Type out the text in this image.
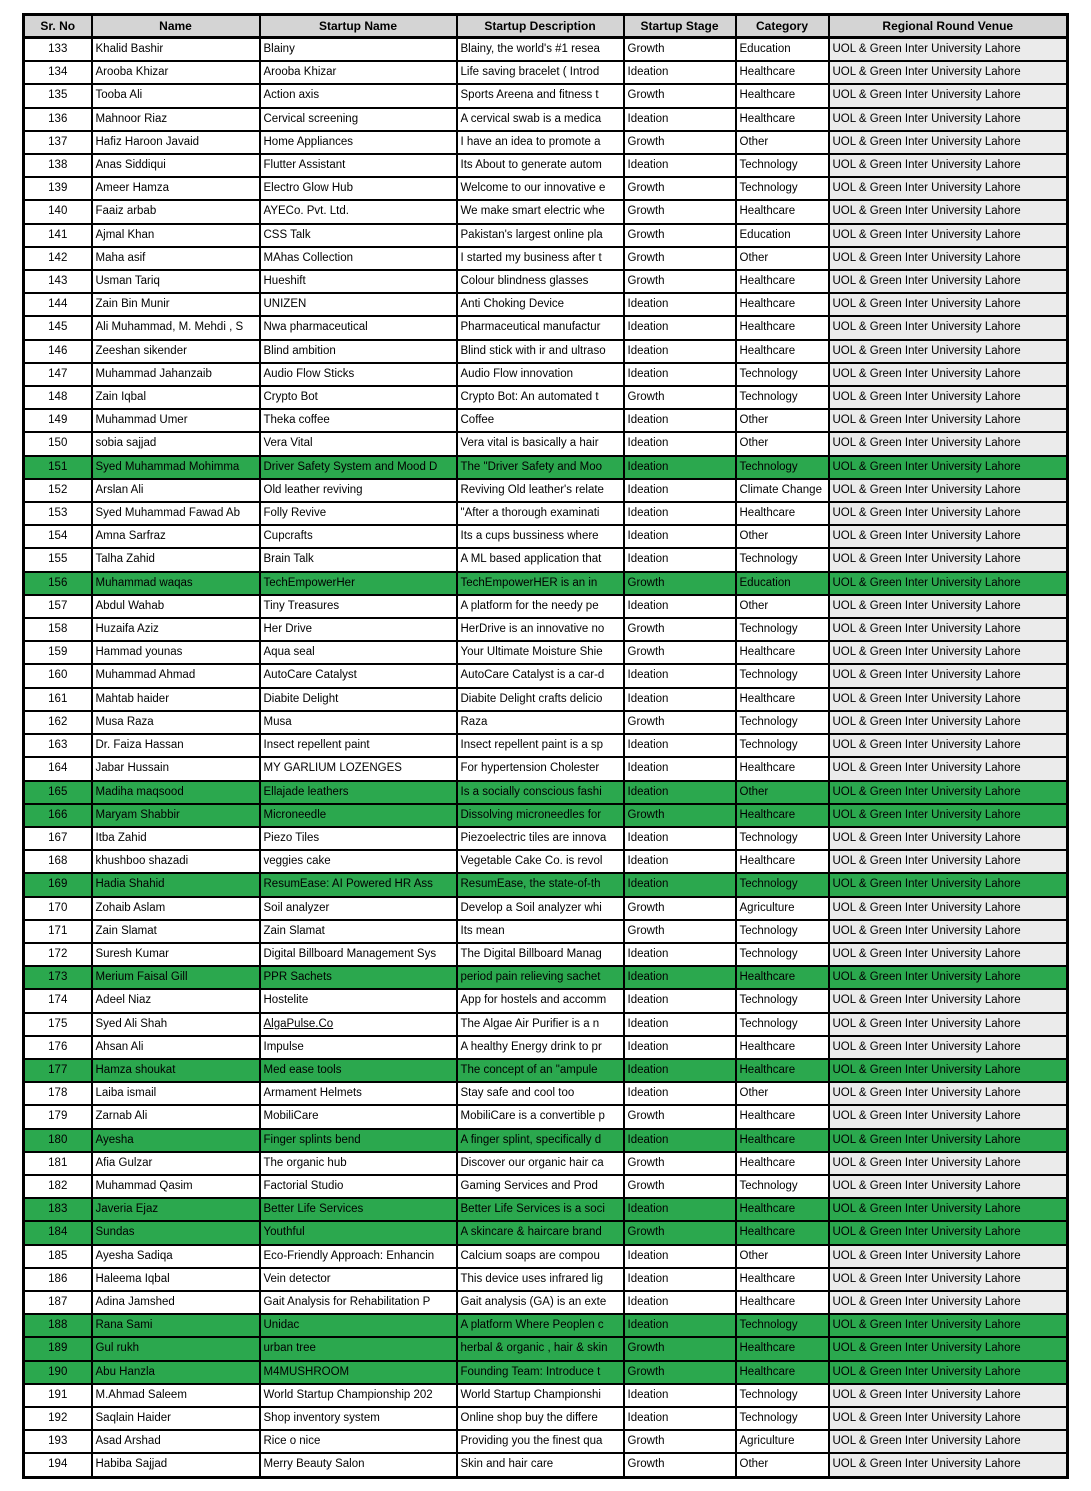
Sr. No	Name	Startup Name	Startup Description	Startup Stage	Category	Regional Round Venue
133	Khalid Bashir	Blainy	Blainy, the world's #1 resea	Growth	Education	UOL & Green Inter University Lahore
134	Arooba Khizar	Arooba Khizar	Life saving bracelet ( Introd	Ideation	Healthcare	UOL & Green Inter University Lahore
135	Tooba Ali	Action axis	Sports Areena and fitness t	Growth	Healthcare	UOL & Green Inter University Lahore
136	Mahnoor Riaz	Cervical screening	A cervical swab is a medica	Ideation	Healthcare	UOL & Green Inter University Lahore
137	Hafiz Haroon Javaid	Home Appliances	I have an idea to promote a	Growth	Other	UOL & Green Inter University Lahore
138	Anas Siddiqui	Flutter Assistant	Its About to generate autom	Ideation	Technology	UOL & Green Inter University Lahore
139	Ameer Hamza	Electro Glow Hub	Welcome to our innovative e	Growth	Technology	UOL & Green Inter University Lahore
140	Faaiz arbab	AYECo. Pvt. Ltd.	We make smart electric whe	Growth	Healthcare	UOL & Green Inter University Lahore
141	Ajmal Khan	CSS Talk	Pakistan's largest online pla	Growth	Education	UOL & Green Inter University Lahore
142	Maha asif	MAhas Collection	I started my business after t	Growth	Other	UOL & Green Inter University Lahore
143	Usman Tariq	Hueshift	Colour blindness glasses	Growth	Healthcare	UOL & Green Inter University Lahore
144	Zain Bin Munir	UNIZEN	Anti Choking Device	Ideation	Healthcare	UOL & Green Inter University Lahore
145	Ali Muhammad, M. Mehdi , S	Nwa pharmaceutical	Pharmaceutical manufactur	Ideation	Healthcare	UOL & Green Inter University Lahore
146	Zeeshan sikender	Blind ambition	Blind stick with ir and ultraso	Ideation	Healthcare	UOL & Green Inter University Lahore
147	Muhammad Jahanzaib	Audio Flow Sticks	Audio Flow innovation	Ideation	Technology	UOL & Green Inter University Lahore
148	Zain Iqbal	Crypto Bot	Crypto Bot: An automated t	Growth	Technology	UOL & Green Inter University Lahore
149	Muhammad Umer	Theka coffee	Coffee	Ideation	Other	UOL & Green Inter University Lahore
150	sobia sajjad	Vera Vital	Vera vital is basically a hair	Ideation	Other	UOL & Green Inter University Lahore
151	Syed Muhammad Mohimma	Driver Safety System and Mood D	The "Driver Safety and Moo	Ideation	Technology	UOL & Green Inter University Lahore
152	Arslan Ali	Old leather reviving	Reviving Old leather's relate	Ideation	Climate Change	UOL & Green Inter University Lahore
153	Syed Muhammad Fawad Ab	Folly Revive	"After a thorough examinati	Ideation	Healthcare	UOL & Green Inter University Lahore
154	Amna Sarfraz	Cupcrafts	Its a cups bussiness where	Ideation	Other	UOL & Green Inter University Lahore
155	Talha Zahid	Brain Talk	A ML based application that	Ideation	Technology	UOL & Green Inter University Lahore
156	Muhammad waqas	TechEmpowerHer	TechEmpowerHER is an in	Growth	Education	UOL & Green Inter University Lahore
157	Abdul Wahab	Tiny Treasures	A platform for the needy pe	Ideation	Other	UOL & Green Inter University Lahore
158	Huzaifa Aziz	Her Drive	HerDrive is an innovative no	Growth	Technology	UOL & Green Inter University Lahore
159	Hammad younas	Aqua seal	Your Ultimate Moisture Shie	Growth	Healthcare	UOL & Green Inter University Lahore
160	Muhammad Ahmad	AutoCare Catalyst	AutoCare Catalyst is a car-d	Ideation	Technology	UOL & Green Inter University Lahore
161	Mahtab haider	Diabite Delight	Diabite Delight crafts delicio	Ideation	Healthcare	UOL & Green Inter University Lahore
162	Musa Raza	Musa	Raza	Growth	Technology	UOL & Green Inter University Lahore
163	Dr. Faiza Hassan	Insect repellent paint	Insect repellent paint is a sp	Ideation	Technology	UOL & Green Inter University Lahore
164	Jabar Hussain	MY GARLIUM LOZENGES	For hypertension Cholester	Ideation	Healthcare	UOL & Green Inter University Lahore
165	Madiha maqsood	Ellajade leathers	Is a socially conscious fashi	Ideation	Other	UOL & Green Inter University Lahore
166	Maryam Shabbir	Microneedle	Dissolving microneedles for	Growth	Healthcare	UOL & Green Inter University Lahore
167	Itba Zahid	Piezo Tiles	Piezoelectric tiles are innova	Ideation	Technology	UOL & Green Inter University Lahore
168	khushboo shazadi	veggies cake	Vegetable Cake Co. is revol	Ideation	Healthcare	UOL & Green Inter University Lahore
169	Hadia Shahid	ResumEase: AI Powered HR Ass	ResumEase, the state-of-th	Ideation	Technology	UOL & Green Inter University Lahore
170	Zohaib Aslam	Soil analyzer	Develop a Soil analyzer whi	Growth	Agriculture	UOL & Green Inter University Lahore
171	Zain Slamat	Zain Slamat	Its mean	Growth	Technology	UOL & Green Inter University Lahore
172	Suresh Kumar	Digital Billboard Management Sys	The Digital Billboard Manag	Ideation	Technology	UOL & Green Inter University Lahore
173	Merium Faisal Gill	PPR Sachets	period pain relieving sachet	Ideation	Healthcare	UOL & Green Inter University Lahore
174	Adeel Niaz	Hostelite	App for hostels and accomm	Ideation	Technology	UOL & Green Inter University Lahore
175	Syed Ali Shah	AlgaPulse.Co	The Algae Air Purifier is a n	Ideation	Technology	UOL & Green Inter University Lahore
176	Ahsan Ali	Impulse	A healthy Energy drink to pr	Ideation	Healthcare	UOL & Green Inter University Lahore
177	Hamza shoukat	Med ease tools	The concept of an "ampule	Ideation	Healthcare	UOL & Green Inter University Lahore
178	Laiba ismail	Armament Helmets	Stay safe and cool too	Ideation	Other	UOL & Green Inter University Lahore
179	Zarnab Ali	MobiliCare	MobiliCare is a convertible p	Growth	Healthcare	UOL & Green Inter University Lahore
180	Ayesha	Finger splints bend	A finger splint, specifically d	Ideation	Healthcare	UOL & Green Inter University Lahore
181	Afia Gulzar	The organic hub	Discover our organic hair ca	Growth	Healthcare	UOL & Green Inter University Lahore
182	Muhammad Qasim	Factorial Studio	Gaming Services and Prod	Growth	Technology	UOL & Green Inter University Lahore
183	Javeria Ejaz	Better Life Services	Better Life Services is a soci	Ideation	Healthcare	UOL & Green Inter University Lahore
184	Sundas	Youthful	A skincare & haircare brand	Growth	Healthcare	UOL & Green Inter University Lahore
185	Ayesha Sadiqa	Eco-Friendly Approach: Enhancin	Calcium soaps are compou	Ideation	Other	UOL & Green Inter University Lahore
186	Haleema Iqbal	Vein detector	This device uses infrared lig	Ideation	Healthcare	UOL & Green Inter University Lahore
187	Adina Jamshed	Gait Analysis for Rehabilitation P	Gait analysis (GA) is an exte	Ideation	Healthcare	UOL & Green Inter University Lahore
188	Rana Sami	Unidac	A platform Where Peoplen c	Ideation	Technology	UOL & Green Inter University Lahore
189	Gul rukh	urban tree	herbal & organic , hair & skin	Growth	Healthcare	UOL & Green Inter University Lahore
190	Abu Hanzla	M4MUSHROOM	Founding Team: Introduce t	Growth	Healthcare	UOL & Green Inter University Lahore
191	M.Ahmad Saleem	World Startup Championship 202	World Startup Championshi	Ideation	Technology	UOL & Green Inter University Lahore
192	Saqlain Haider	Shop inventory system	Online shop buy the differe	Ideation	Technology	UOL & Green Inter University Lahore
193	Asad Arshad	Rice o nice	Providing you the finest qua	Growth	Agriculture	UOL & Green Inter University Lahore
194	Habiba Sajjad	Merry Beauty Salon	Skin and hair care	Growth	Other	UOL & Green Inter University Lahore
